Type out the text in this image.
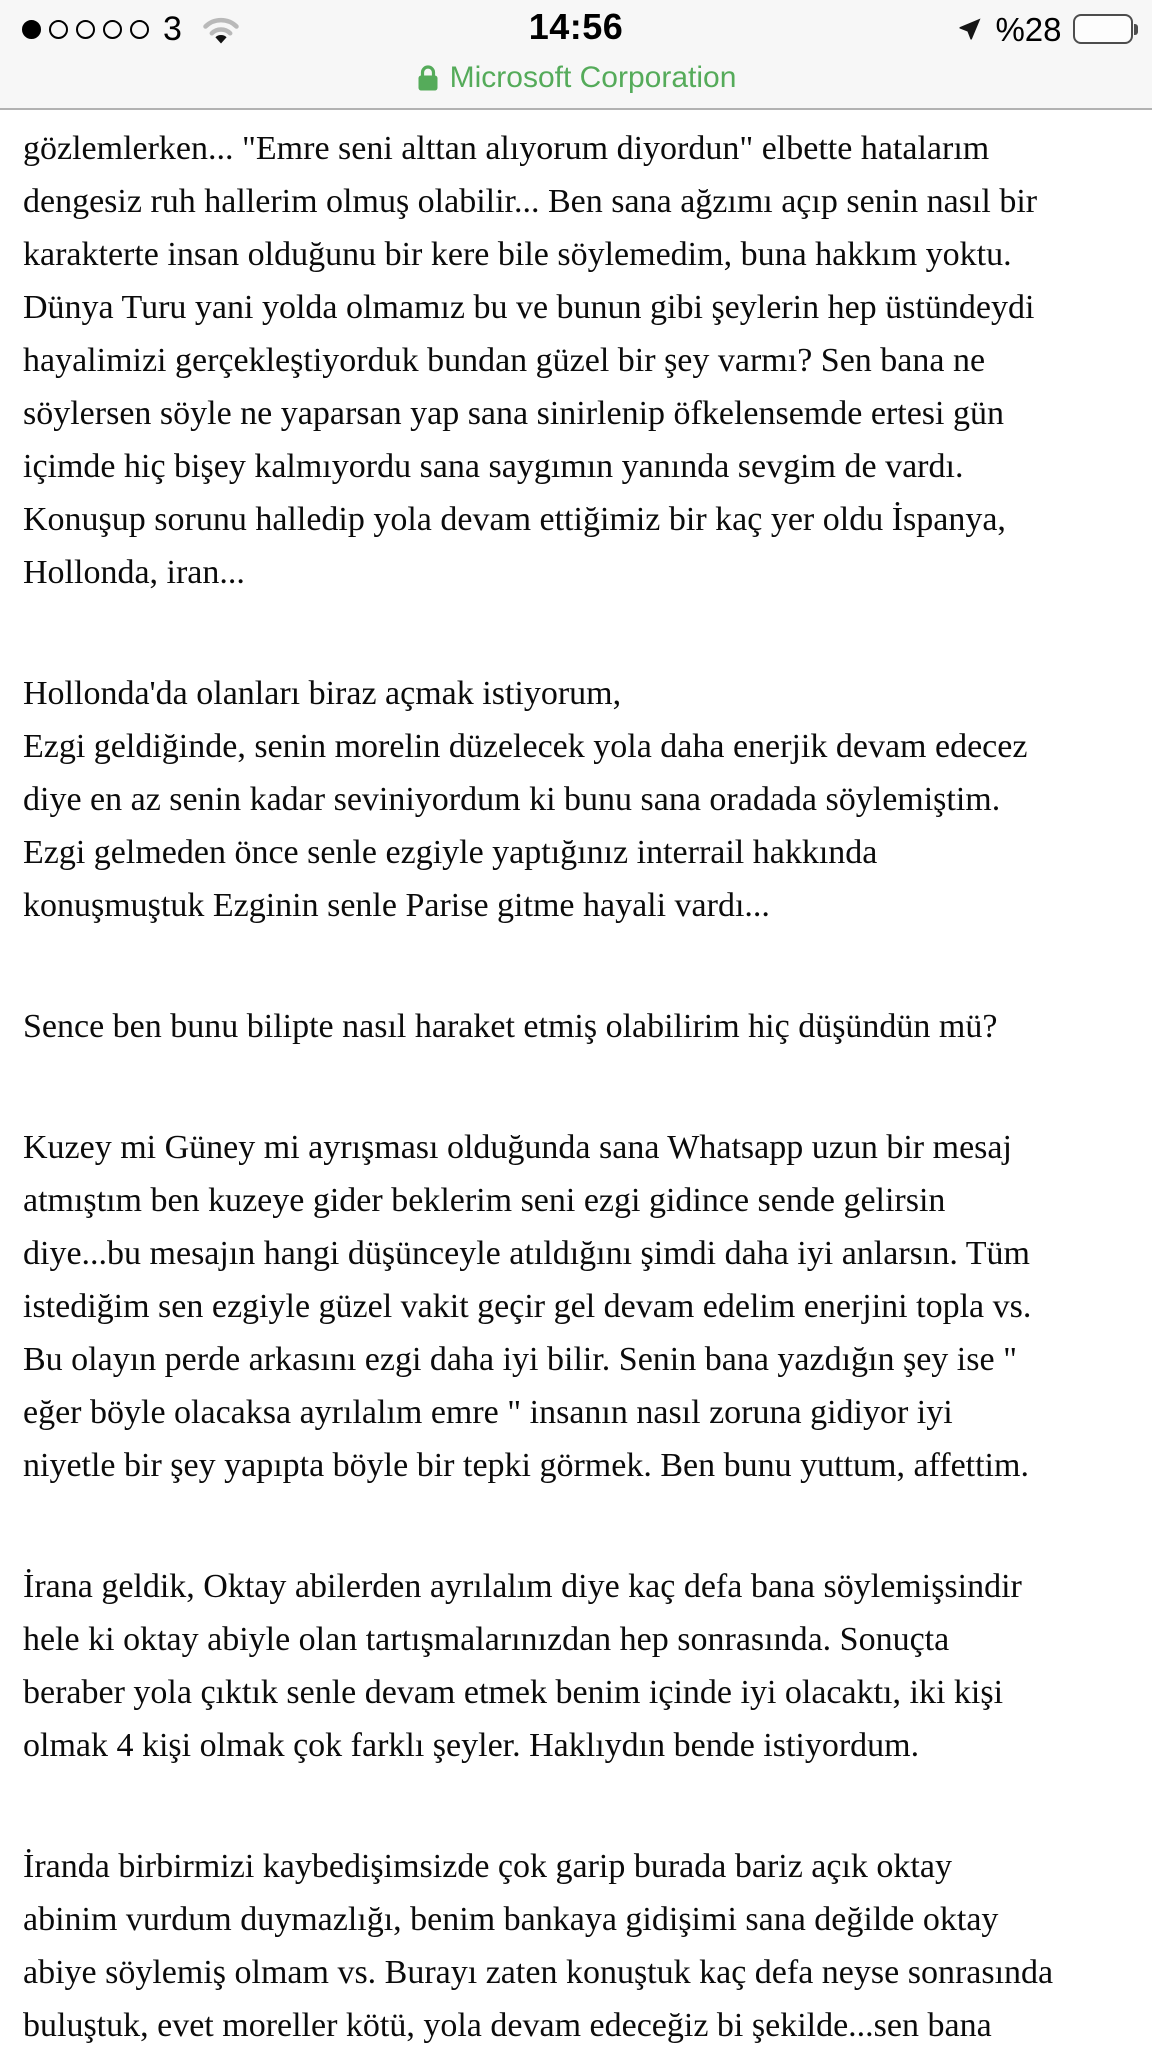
3	14:56	%28
Microsoft Corporation

gözlemlerken... "Emre seni alttan alıyorum diyordun" elbette hatalarım
dengesiz ruh hallerim olmuş olabilir... Ben sana ağzımı açıp senin nasıl bir
karakterte insan olduğunu bir kere bile söylemedim, buna hakkım yoktu.
Dünya Turu yani yolda olmamız bu ve bunun gibi şeylerin hep üstündeydi
hayalimizi gerçekleştiyorduk bundan güzel bir şey varmı? Sen bana ne
söylersen söyle ne yaparsan yap sana sinirlenip öfkelensemde ertesi gün
içimde hiç bişey kalmıyordu sana saygımın yanında sevgim de vardı.
Konuşup sorunu halledip yola devam ettiğimiz bir kaç yer oldu İspanya,
Hollonda, iran...

Hollonda'da olanları biraz açmak istiyorum,
Ezgi geldiğinde, senin morelin düzelecek yola daha enerjik devam edecez
diye en az senin kadar seviniyordum ki bunu sana oradada söylemiştim.
Ezgi gelmeden önce senle ezgiyle yaptığınız interrail hakkında
konuşmuştuk Ezginin senle Parise gitme hayali vardı...

Sence ben bunu bilipte nasıl haraket etmiş olabilirim hiç düşündün mü?

Kuzey mi Güney mi ayrışması olduğunda sana Whatsapp uzun bir mesaj
atmıştım ben kuzeye gider beklerim seni ezgi gidince sende gelirsin
diye...bu mesajın hangi düşünceyle atıldığını şimdi daha iyi anlarsın. Tüm
istediğim sen ezgiyle güzel vakit geçir gel devam edelim enerjini topla vs.
Bu olayın perde arkasını ezgi daha iyi bilir. Senin bana yazdığın şey ise "
eğer böyle olacaksa ayrılalım emre " insanın nasıl zoruna gidiyor iyi
niyetle bir şey yapıpta böyle bir tepki görmek. Ben bunu yuttum, affettim.

İrana geldik, Oktay abilerden ayrılalım diye kaç defa bana söylemişsindir
hele ki oktay abiyle olan tartışmalarınızdan hep sonrasında. Sonuçta
beraber yola çıktık senle devam etmek benim içinde iyi olacaktı, iki kişi
olmak 4 kişi olmak çok farklı şeyler. Haklıydın bende istiyordum.

İranda birbirmizi kaybedişimsizde çok garip burada bariz açık oktay
abinim vurdum duymazlığı, benim bankaya gidişimi sana değilde oktay
abiye söylemiş olmam vs. Burayı zaten konuştuk kaç defa neyse sonrasında
buluştuk, evet moreller kötü, yola devam edeceğiz bi şekilde...sen bana
